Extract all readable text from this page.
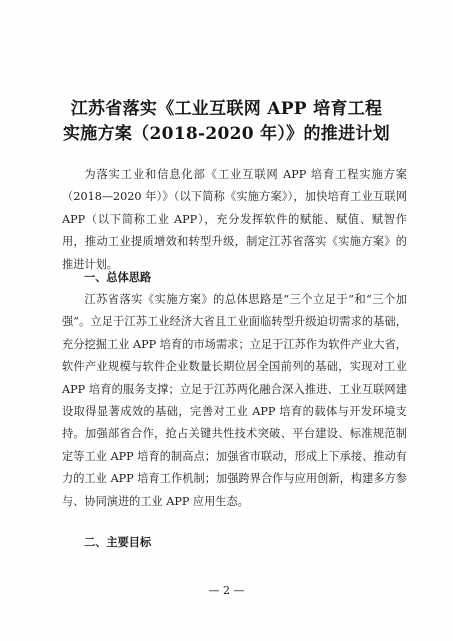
江苏省落实《工业互联网 APP 培育工程
实施方案（2018-2020 年）》的推进计划

为落实工业和信息化部《工业互联网 APP 培育工程实施方案（2018—2020 年）》（以下简称《实施方案》），加快培育工业互联网 APP（以下简称工业 APP），充分发挥软件的赋能、赋值、赋智作用，推动工业提质增效和转型升级，制定江苏省落实《实施方案》的推进计划。

一、总体思路

江苏省落实《实施方案》的总体思路是“三个立足于”和“三个加强”。立足于江苏工业经济大省且工业面临转型升级迫切需求的基础，充分挖掘工业 APP 培育的市场需求；立足于江苏作为软件产业大省，软件产业规模与软件企业数量长期位居全国前列的基础，实现对工业 APP 培育的服务支撑；立足于江苏两化融合深入推进、工业互联网建设取得显著成效的基础，完善对工业 APP 培育的载体与开发环境支持。加强部省合作，抢占关键共性技术突破、平台建设、标准规范制定等工业 APP 培育的制高点；加强省市联动，形成上下承接、推动有力的工业 APP 培育工作机制；加强跨界合作与应用创新，构建多方参与、协同演进的工业 APP 应用生态。

二、主要目标
— 2 —
